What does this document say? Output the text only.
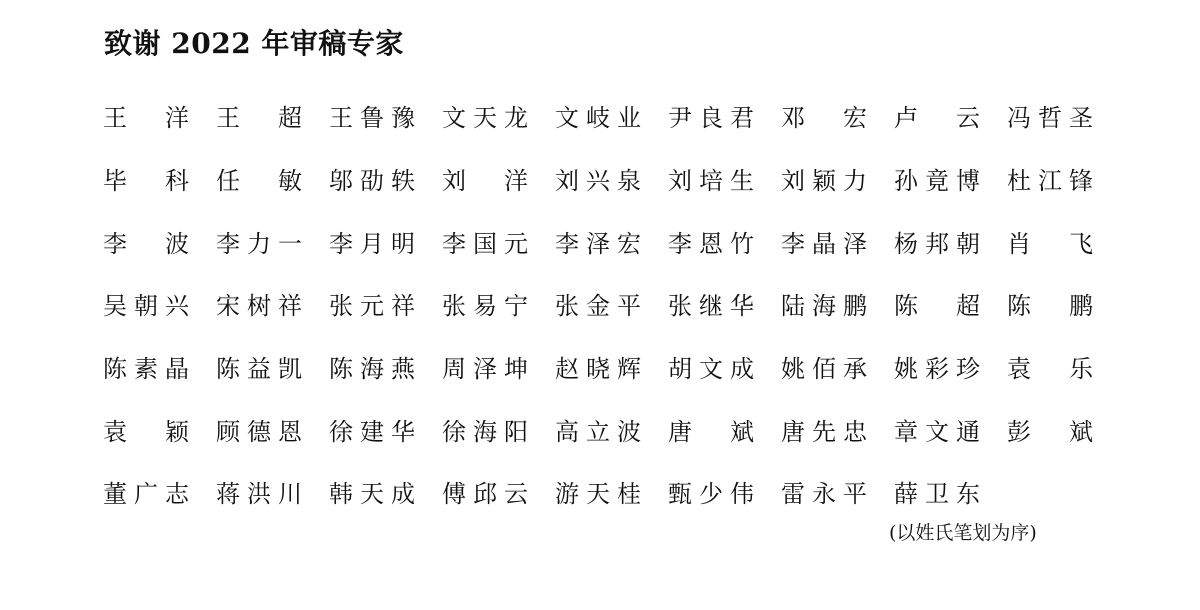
致谢 2022 年审稿专家
王 洋 王 超 王 鲁 豫 文 天 龙 文 岐 业 尹 良 君 邓 宏 卢 云 冯 哲 圣
毕 科 任 敏 邬 劭 轶 刘 洋 刘 兴 泉 刘 培 生 刘 颖 力 孙 竟 博 杜 江 锋
李 波 李 力 一 李 月 明 李 国 元 李 泽 宏 李 恩 竹 李 晶 泽 杨 邦 朝 肖 飞
吴 朝 兴 宋 树 祥 张 元 祥 张 易 宁 张 金 平 张 继 华 陆 海 鹏 陈 超 陈 鹏
陈 素 晶 陈 益 凯 陈 海 燕 周 泽 坤 赵 晓 辉 胡 文 成 姚 佰 承 姚 彩 珍 袁 乐
袁 颖 顾 德 恩 徐 建 华 徐 海 阳 高 立 波 唐 斌 唐 先 忠 章 文 通 彭 斌
董 广 志 蒋 洪 川 韩 天 成 傅 邱 云 游 天 桂 甄 少 伟 雷 永 平 薛 卫 东
(以姓氏笔划为序)
